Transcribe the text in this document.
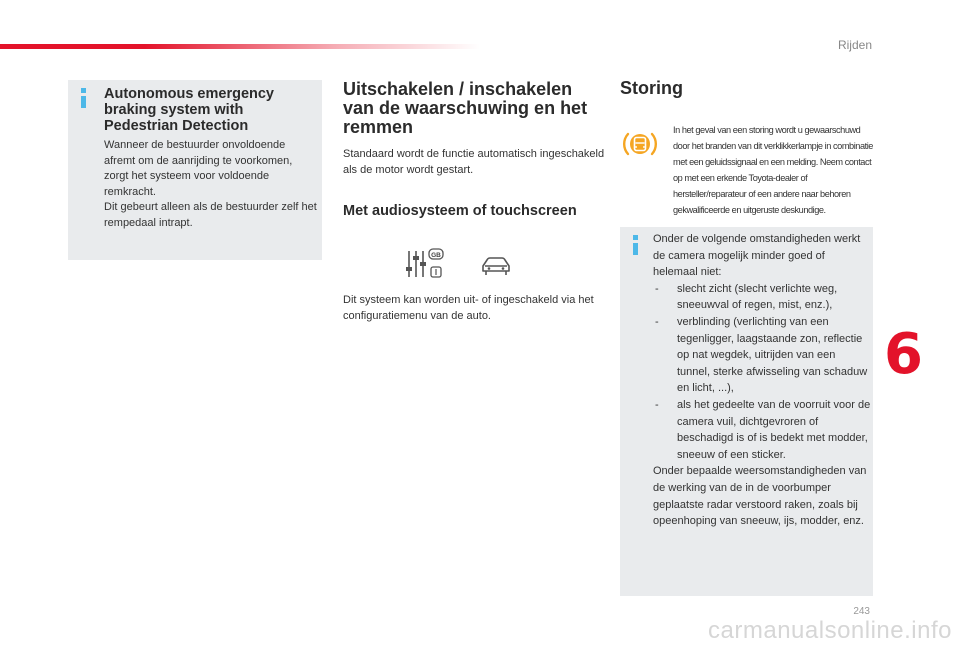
Rijden
Autonomous emergency braking system with Pedestrian Detection

Wanneer de bestuurder onvoldoende afremt om de aanrijding te voorkomen, zorgt het systeem voor voldoende remkracht.
Dit gebeurt alleen als de bestuurder zelf het rempedaal intrapt.

Uitschakelen / inschakelen van de waarschuwing en het remmen

Standaard wordt de functie automatisch ingeschakeld als de motor wordt gestart.

Met audiosysteem of touchscreen
GB

Dit systeem kan worden uit- of ingeschakeld via het configuratiemenu van de auto.

Storing

In het geval van een storing wordt u gewaarschuwd door het branden van dit verklikkerlampje in combinatie met een geluidssignaal en een melding. Neem contact op met een erkende Toyota-dealer of hersteller/reparateur of een andere naar behoren gekwalificeerde en uitgeruste deskundige.

Onder de volgende omstandigheden werkt de camera mogelijk minder goed of helemaal niet:

- slecht zicht (slecht verlichte weg, sneeuwval of regen, mist, enz.),
- verblinding (verlichting van een tegenligger, laagstaande zon, reflectie op nat wegdek, uitrijden van een tunnel, sterke afwisseling van schaduw en licht, ...),
- als het gedeelte van de voorruit voor de camera vuil, dichtgevroren of beschadigd is of is bedekt met modder, sneeuw of een sticker.

Onder bepaalde weersomstandigheden van de werking van de in de voorbumper geplaatste radar verstoord raken, zoals bij opeenhoping van sneeuw, ijs, modder, enz.

6
243
carmanualsonline.info
